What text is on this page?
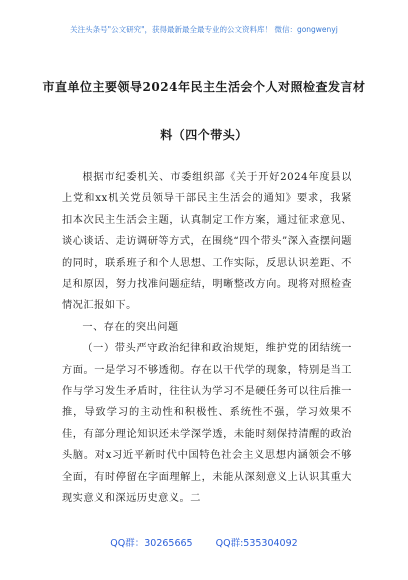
关注头条号"公文研究"，获得最新最全最专业的公文资料库！ 微信：gongwenyj
市直单位主要领导2024年民主生活会个人对照检查发言材
料（四个带头）

根据市纪委机关、市委组织部《关于开好2024年度县以上党和xx机关党员领导干部民主生活会的通知》要求，我紧扣本次民主生活会主题，认真制定工作方案，通过征求意见、谈心谈话、走访调研等方式，在围绕“四个带头”深入查摆问题的同时，联系班子和个人思想、工作实际，反思认识差距、不足和原因，努力找准问题症结，明晰整改方向。现将对照检查情况汇报如下。

一、存在的突出问题

（一）带头严守政治纪律和政治规矩，维护党的团结统一方面。一是学习不够透彻。存在以干代学的现象，特别是当工作与学习发生矛盾时，往往认为学习不是硬任务可以往后推一推，导致学习的主动性和积极性、系统性不强，学习效果不佳，有部分理论知识还未学深学透，未能时刻保持清醒的政治头脑。对x习近平新时代中国特色社会主义思想内涵领会不够全面，有时停留在字面理解上，未能从深刻意义上认识其重大现实意义和深远历史意义。二

QQ群：30265665 QQ群:535304092
